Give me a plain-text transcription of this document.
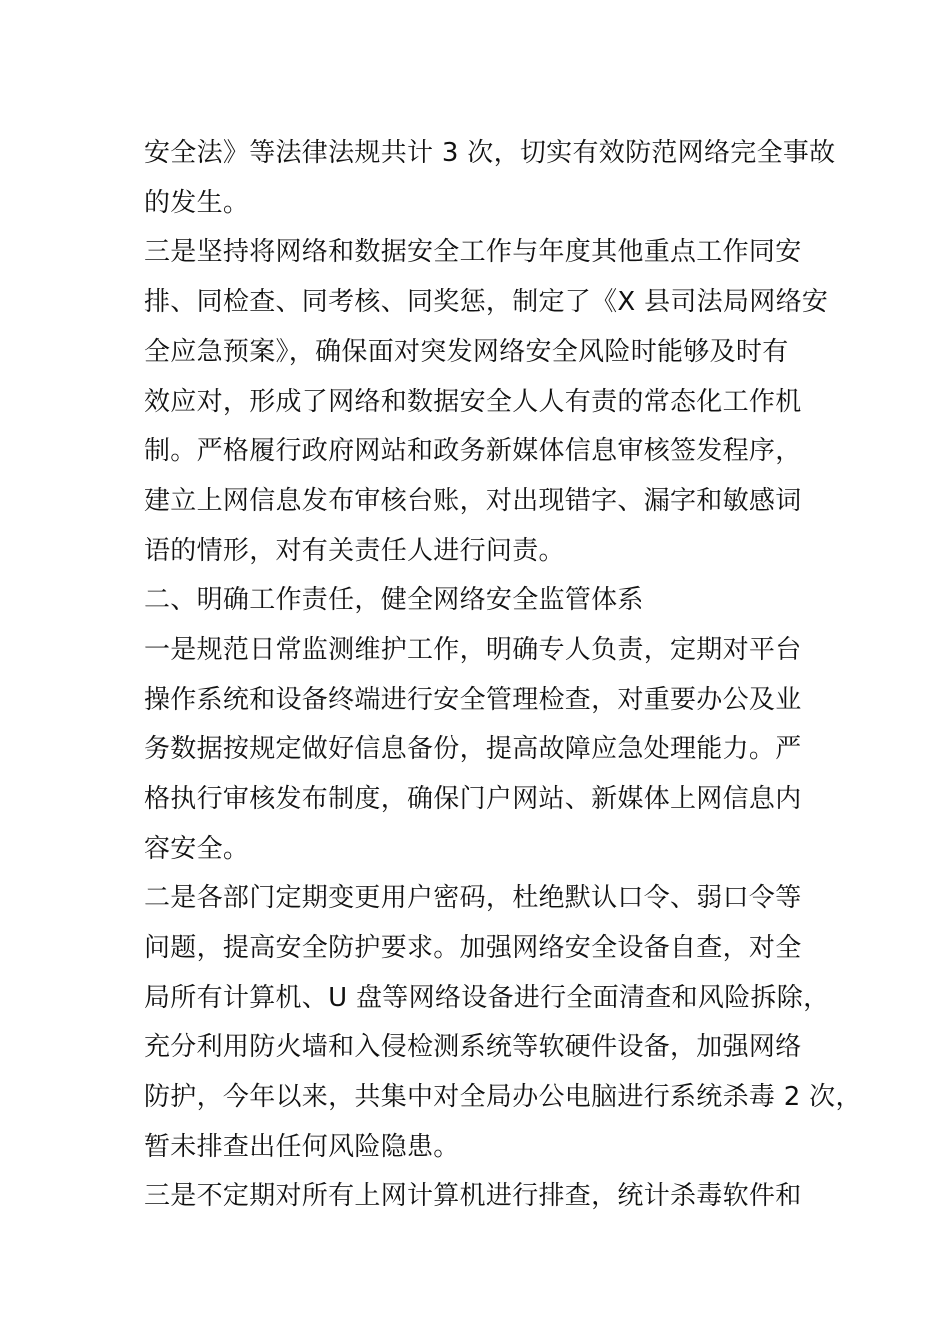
安全法》等法律法规共计 3 次，切实有效防范网络完全事故
的发生。
三是坚持将网络和数据安全工作与年度其他重点工作同安
排、同检查、同考核、同奖惩，制定了《X 县司法局网络安
全应急预案》，确保面对突发网络安全风险时能够及时有
效应对，形成了网络和数据安全人人有责的常态化工作机
制。严格履行政府网站和政务新媒体信息审核签发程序，
建立上网信息发布审核台账，对出现错字、漏字和敏感词
语的情形，对有关责任人进行问责。
二、明确工作责任，健全网络安全监管体系
一是规范日常监测维护工作，明确专人负责，定期对平台
操作系统和设备终端进行安全管理检查，对重要办公及业
务数据按规定做好信息备份，提高故障应急处理能力。严
格执行审核发布制度，确保门户网站、新媒体上网信息内
容安全。
二是各部门定期变更用户密码，杜绝默认口令、弱口令等
问题，提高安全防护要求。加强网络安全设备自查，对全
局所有计算机、U 盘等网络设备进行全面清查和风险拆除，
充分利用防火墙和入侵检测系统等软硬件设备，加强网络
防护，今年以来，共集中对全局办公电脑进行系统杀毒 2 次，
暂未排查出任何风险隐患。
三是不定期对所有上网计算机进行排查，统计杀毒软件和
